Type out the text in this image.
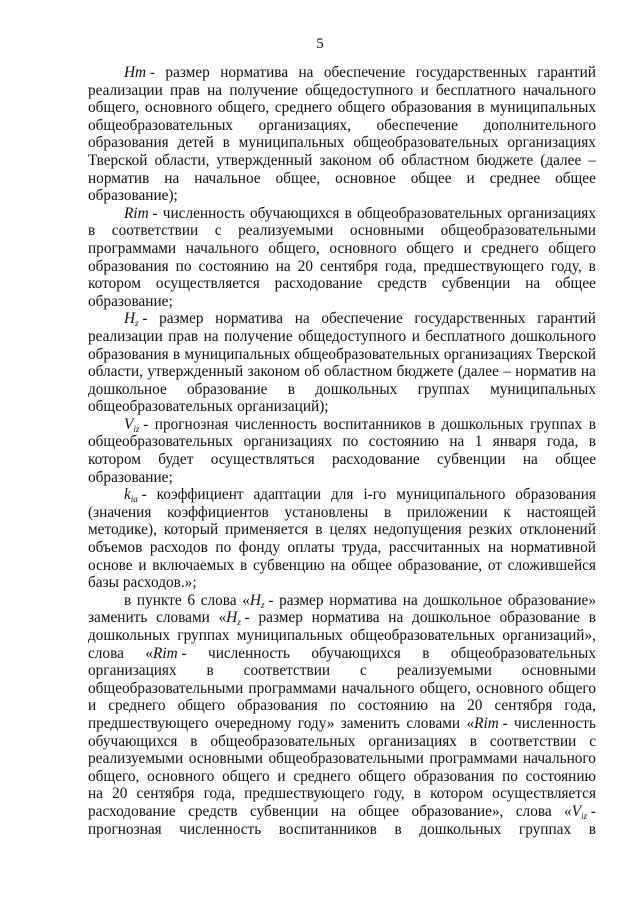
5
Hm - размер норматива на обеспечение государственных гарантий
реализации прав на получение общедоступного и бесплатного начального
общего, основного общего, среднего общего образования в муниципальных
общеобразовательных организациях, обеспечение дополнительного
образования детей в муниципальных общеобразовательных организациях
Тверской области, утвержденный законом об областном бюджете (далее –
норматив на начальное общее, основное общее и среднее общее
образование);
Rim - численность обучающихся в общеобразовательных организациях
в соответствии с реализуемыми основными общеобразовательными
программами начального общего, основного общего и среднего общего
образования по состоянию на 20 сентября года, предшествующего году, в
котором осуществляется расходование средств субвенции на общее
образование;
$H_z$ - размер норматива на обеспечение государственных гарантий
реализации прав на получение общедоступного и бесплатного дошкольного
образования в муниципальных общеобразовательных организациях Тверской
области, утвержденный законом об областном бюджете (далее – норматив на
дошкольное образование в дошкольных группах муниципальных
общеобразовательных организаций);
$V_{iz}$ - прогнозная численность воспитанников в дошкольных группах в
общеобразовательных организациях по состоянию на 1 января года, в
котором будет осуществляться расходование субвенции на общее
образование;
$k_{ia}$ - коэффициент адаптации для i-го муниципального образования
(значения коэффициентов установлены в приложении к настоящей
методике), который применяется в целях недопущения резких отклонений
объемов расходов по фонду оплаты труда, рассчитанных на нормативной
основе и включаемых в субвенцию на общее образование, от сложившейся
базы расходов.»;
в пункте 6 слова «$H_z$ - размер норматива на дошкольное образование»
заменить словами «$H_z$ - размер норматива на дошкольное образование в
дошкольных группах муниципальных общеобразовательных организаций»,
слова «Rim - численность обучающихся в общеобразовательных
организациях в соответствии с реализуемыми основными
общеобразовательными программами начального общего, основного общего
и среднего общего образования по состоянию на 20 сентября года,
предшествующего очередному году» заменить словами «Rim - численность
обучающихся в общеобразовательных организациях в соответствии с
реализуемыми основными общеобразовательными программами начального
общего, основного общего и среднего общего образования по состоянию
на 20 сентября года, предшествующего году, в котором осуществляется
расходование средств субвенции на общее образование», слова «$V_{iz}$ -
прогнозная численность воспитанников в дошкольных группах в
